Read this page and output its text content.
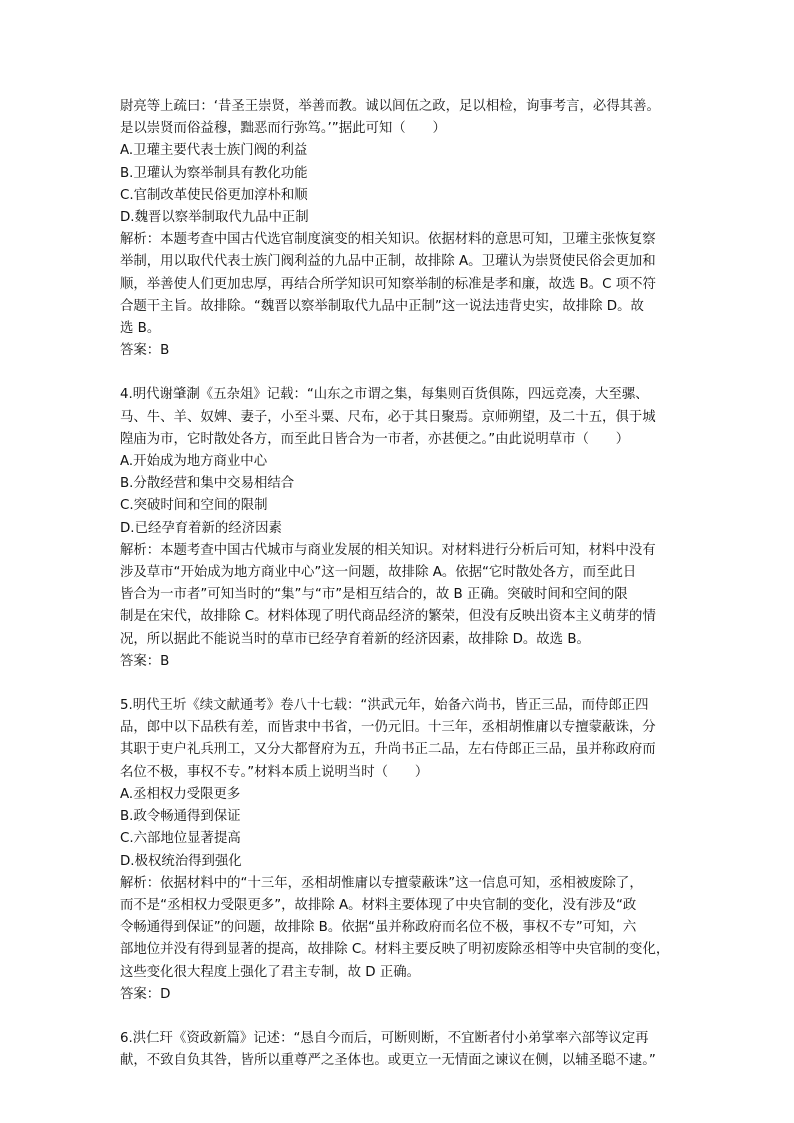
尉亮等上疏曰：‘昔圣王崇贤，举善而教。诚以闾伍之政，足以相检，询事考言，必得其善。
是以崇贤而俗益穆，黜恶而行弥笃。’”据此可知（　　）
A.卫瓘主要代表士族门阀的利益
B.卫瓘认为察举制具有教化功能
C.官制改革使民俗更加淳朴和顺
D.魏晋以察举制取代九品中正制
解析：本题考查中国古代选官制度演变的相关知识。依据材料的意思可知，卫瓘主张恢复察
举制，用以取代代表士族门阀利益的九品中正制，故排除 A。卫瓘认为崇贤使民俗会更加和
顺，举善使人们更加忠厚，再结合所学知识可知察举制的标准是孝和廉，故选 B。C 项不符
合题干主旨。故排除。“魏晋以察举制取代九品中正制”这一说法违背史实，故排除 D。故
选 B。
答案：B
4.明代谢肇淛《五杂俎》记载：“山东之市谓之集，每集则百货俱陈，四远竞凑，大至骡、
马、牛、羊、奴婢、妻子，小至斗粟、尺布，必于其日聚焉。京师朔望，及二十五，俱于城
隍庙为市，它时散处各方，而至此日皆合为一市者，亦甚便之。”由此说明草市（　　）
A.开始成为地方商业中心
B.分散经营和集中交易相结合
C.突破时间和空间的限制
D.已经孕育着新的经济因素
解析：本题考查中国古代城市与商业发展的相关知识。对材料进行分析后可知，材料中没有
涉及草市“开始成为地方商业中心”这一问题，故排除 A。依据“它时散处各方，而至此日
皆合为一市者”可知当时的“集”与“市”是相互结合的，故 B 正确。突破时间和空间的限
制是在宋代，故排除 C。材料体现了明代商品经济的繁荣，但没有反映出资本主义萌芽的情
况，所以据此不能说当时的草市已经孕育着新的经济因素，故排除 D。故选 B。
答案：B
5.明代王圻《续文献通考》卷八十七载：“洪武元年，始备六尚书，皆正三品，而侍郎正四
品，郎中以下品秩有差，而皆隶中书省，一仍元旧。十三年，丞相胡惟庸以专擅蒙蔽诛，分
其职于吏户礼兵刑工，又分大都督府为五，升尚书正二品，左右侍郎正三品，虽并称政府而
名位不极，事权不专。”材料本质上说明当时（　　）
A.丞相权力受限更多
B.政令畅通得到保证
C.六部地位显著提高
D.极权统治得到强化
解析：依据材料中的“十三年，丞相胡惟庸以专擅蒙蔽诛”这一信息可知，丞相被废除了，
而不是“丞相权力受限更多”，故排除 A。材料主要体现了中央官制的变化，没有涉及“政
令畅通得到保证”的问题，故排除 B。依据“虽并称政府而名位不极，事权不专”可知，六
部地位并没有得到显著的提高，故排除 C。材料主要反映了明初废除丞相等中央官制的变化，
这些变化很大程度上强化了君主专制，故 D 正确。
答案：D
6.洪仁玕《资政新篇》记述：“恳自今而后，可断则断，不宜断者付小弟掌率六部等议定再
献，不致自负其咎，皆所以重尊严之圣体也。或更立一无情面之谏议在侧，以辅圣聪不逮。”
